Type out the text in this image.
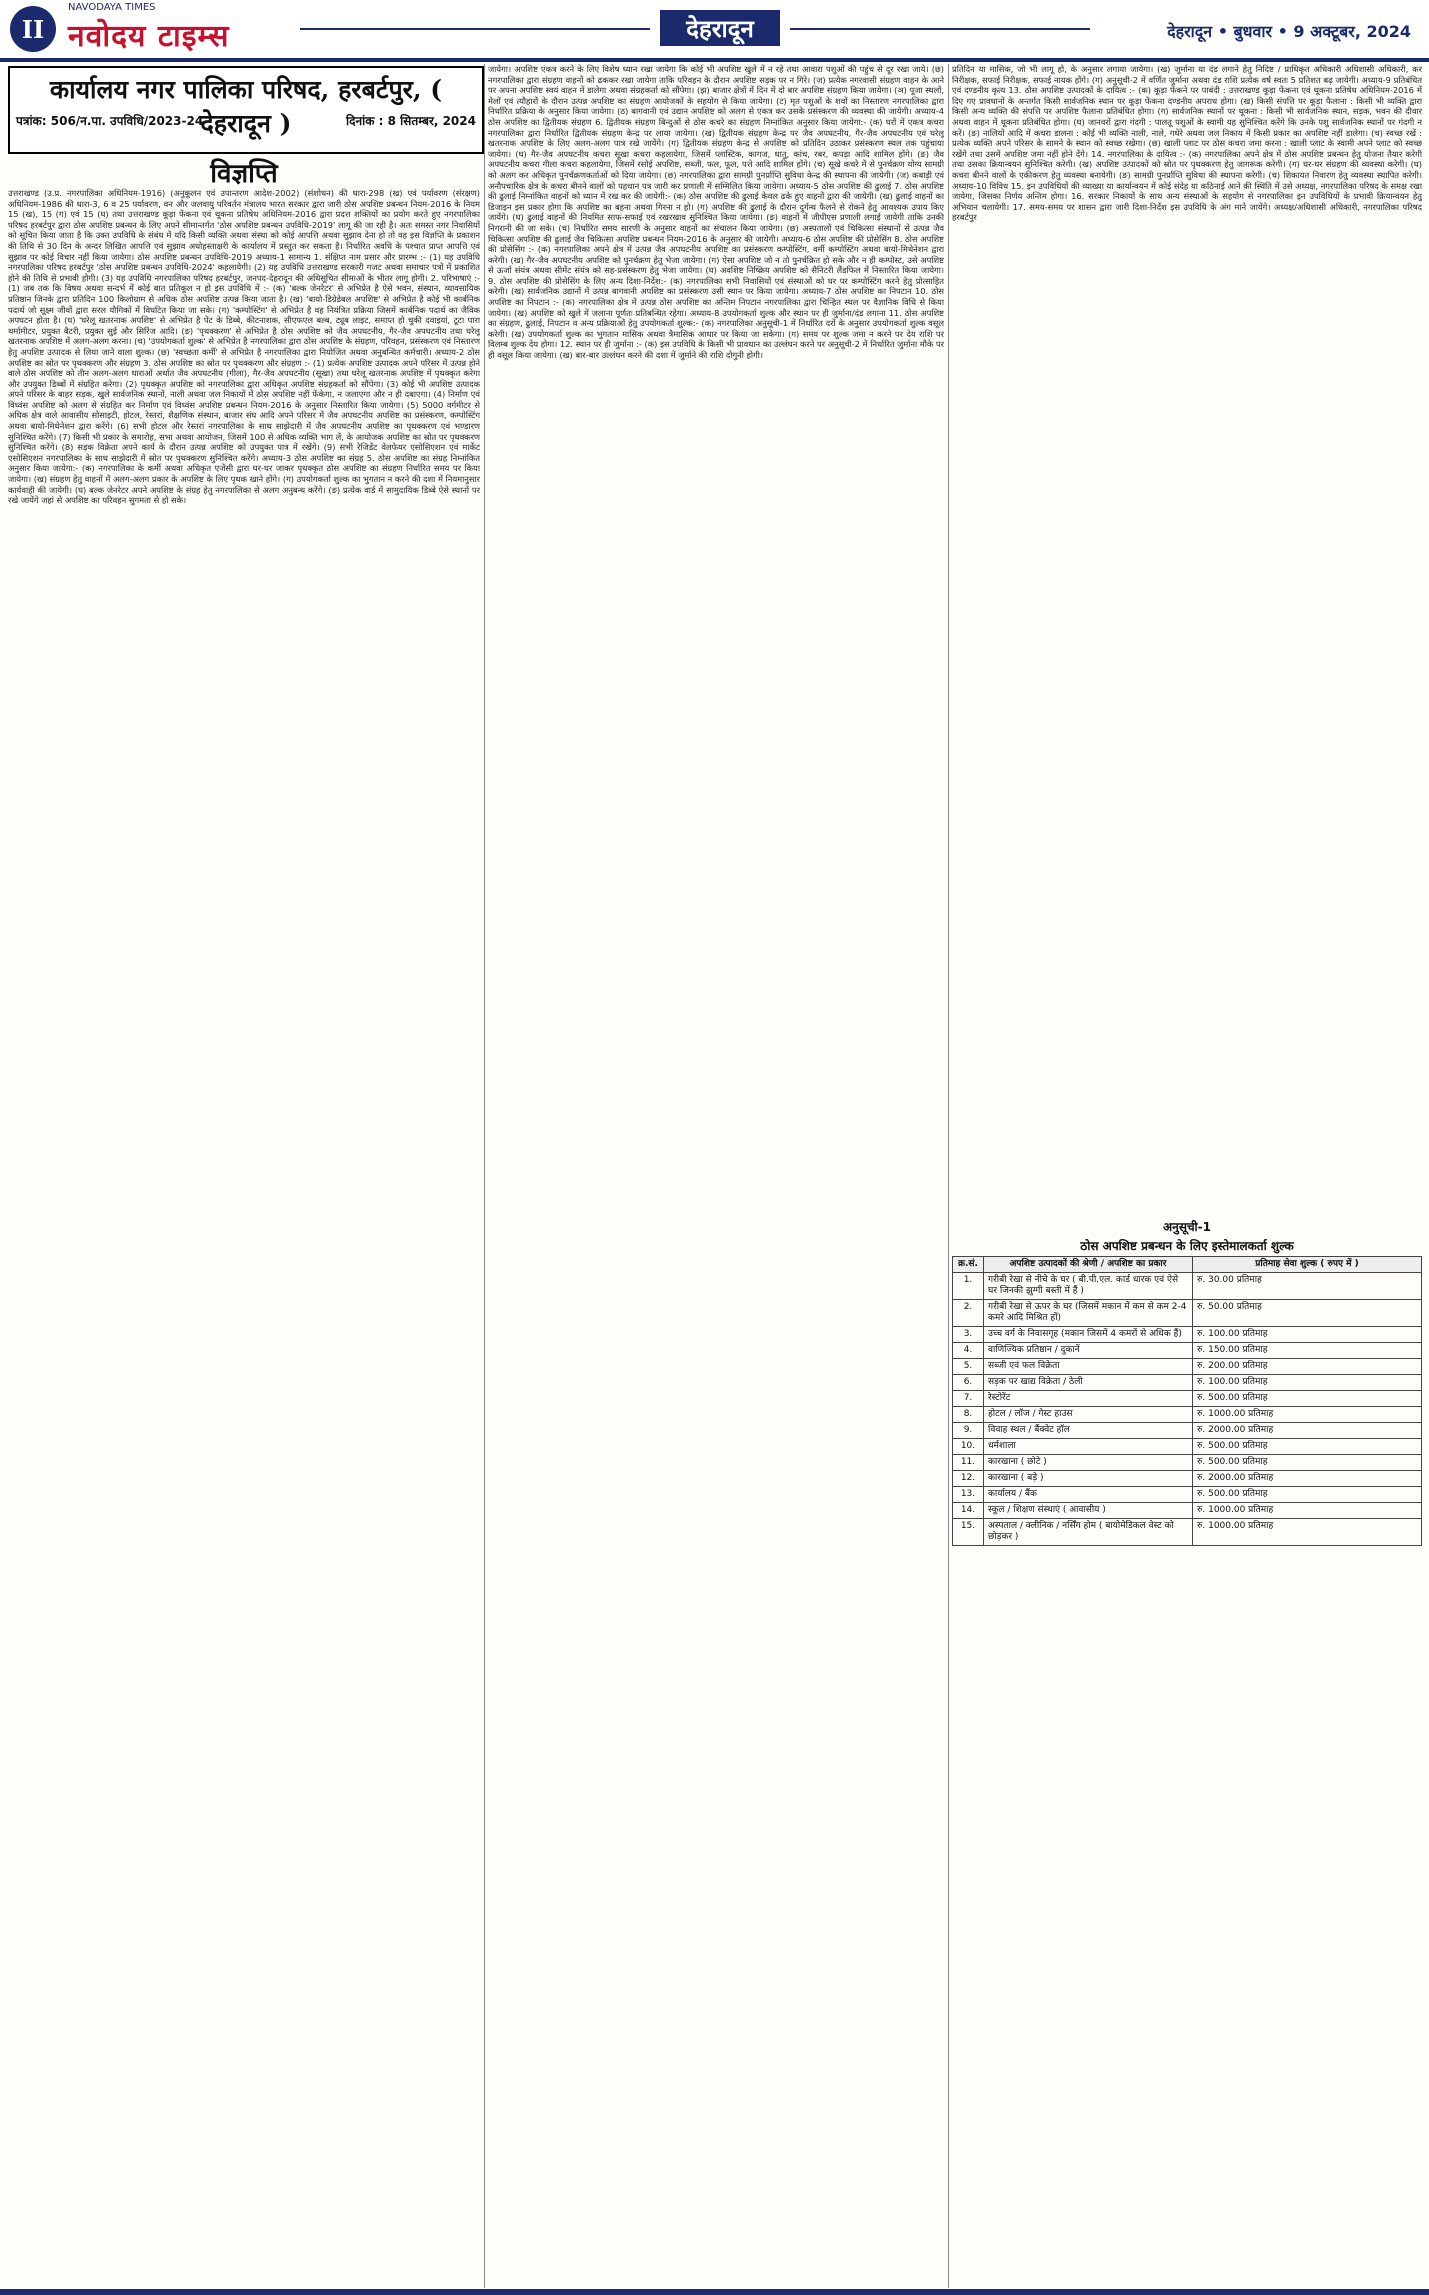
II
NAVODAYA TIMES
नवोदय टाइम्स	देहरादून	देहरादून • बुधवार • 9 अक्टूबर, 2024
कार्यालय नगर पालिका परिषद, हरबर्टपुर, ( देहरादून )
पत्रांक: 506/न.पा. उपविधि/2023-24	दिनांक : 8 सितम्बर, 2024
विज्ञप्ति
उत्तराखण्ड (उ.प्र. नगरपालिका अधिनियम-1916) (अनुकूलन एवं उपान्तरण आदेश-2002) (संशोधन) की धारा-298 (ख) एवं पर्यावरण (संरक्षण) अधिनियम-1986 की धारा-3, 6 व 25 पर्यावरण, वन और जलवायु परिवर्तन मंत्रालय भारत सरकार द्वारा जारी ठोस अपशिष्ट प्रबन्धन नियम-2016 के नियम 15 (ख), 15 (ग) एवं 15 (घ) तथा उत्तराखण्ड कूड़ा फेंकना एवं थूकना प्रतिषेध अधिनियम-2016 द्वारा प्रदत्त शक्तियों का प्रयोग करते हुए नगरपालिका परिषद हरबर्टपुर द्वारा ठोस अपशिष्ट प्रबन्धन के लिए अपने सीमान्तर्गत 'ठोस अपशिष्ट प्रबन्धन उपविधि-2019' लागू की जा रही है। अतः समस्त नगर निवासियों को सूचित किया जाता है कि उक्त उपविधि के संबंध में यदि किसी व्यक्ति अथवा संस्था को कोई आपत्ति अथवा सुझाव देना हो तो वह इस विज्ञप्ति के प्रकाशन की तिथि से 30 दिन के अन्दर लिखित आपत्ति एवं सुझाव अधोहस्ताक्षरी के कार्यालय में प्रस्तुत कर सकता है। निर्धारित अवधि के पश्चात प्राप्त आपत्ति एवं सुझाव पर कोई विचार नहीं किया जायेगा। ठोस अपशिष्ट प्रबन्धन उपविधि-2019 अध्याय-1 सामान्य 1. संक्षिप्त नाम प्रसार और प्रारम्भ :- (1) यह उपविधि नगरपालिका परिषद हरबर्टपुर 'ठोस अपशिष्ट प्रबन्धन उपविधि-2024' कहलायेगी। (2) यह उपविधि उत्तराखण्ड सरकारी गजट अथवा समाचार पत्रों में प्रकाशित होने की तिथि से प्रभावी होगी। (3) यह उपविधि नगरपालिका परिषद हरबर्टपुर, जनपद-देहरादून की अधिसूचित सीमाओं के भीतर लागू होगी। 2. परिभाषाएं :- (1) जब तक कि विषय अथवा सन्दर्भ में कोई बात प्रतिकूल न हो इस उपविधि में :- (क) 'बल्क जेनरेटर' से अभिप्रेत है ऐसे भवन, संस्थान, व्यावसायिक प्रतिष्ठान जिनके द्वारा प्रतिदिन 100 किलोग्राम से अधिक ठोस अपशिष्ट उत्पन्न किया जाता है। (ख) 'बायो-डिग्रेडेबल अपशिष्ट' से अभिप्रेत है कोई भी कार्बनिक पदार्थ जो सूक्ष्म जीवों द्वारा सरल यौगिकों में विघटित किया जा सके। (ग) 'कम्पोस्टिंग' से अभिप्रेत है वह नियंत्रित प्रक्रिया जिसमें कार्बनिक पदार्थ का जैविक अपघटन होता है। (घ) 'घरेलू खतरनाक अपशिष्ट' से अभिप्रेत है पेंट के डिब्बे, कीटनाशक, सीएफएल बल्ब, ट्यूब लाइट, समाप्त हो चुकी दवाइयां, टूटा पारा थर्मामीटर, प्रयुक्त बैटरी, प्रयुक्त सुई और सिरिंज आदि। (ङ) 'पृथक्करण' से अभिप्रेत है ठोस अपशिष्ट को जैव अपघटनीय, गैर-जैव अपघटनीय तथा घरेलू खतरनाक अपशिष्ट में अलग-अलग करना। (च) 'उपयोगकर्ता शुल्क' से अभिप्रेत है नगरपालिका द्वारा ठोस अपशिष्ट के संग्रहण, परिवहन, प्रसंस्करण एवं निस्तारण हेतु अपशिष्ट उत्पादक से लिया जाने वाला शुल्क। (छ) 'स्वच्छता कर्मी' से अभिप्रेत है नगरपालिका द्वारा नियोजित अथवा अनुबन्धित कर्मचारी। अध्याय-2 ठोस अपशिष्ट का स्रोत पर पृथक्करण और संग्रहण 3. ठोस अपशिष्ट का स्रोत पर पृथक्करण और संग्रहण :- (1) प्रत्येक अपशिष्ट उत्पादक अपने परिसर में उत्पन्न होने वाले ठोस अपशिष्ट को तीन अलग-अलग धाराओं अर्थात जैव अपघटनीय (गीला), गैर-जैव अपघटनीय (सूखा) तथा घरेलू खतरनाक अपशिष्ट में पृथक्कृत करेगा और उपयुक्त डिब्बों में संग्रहित करेगा। (2) पृथक्कृत अपशिष्ट को नगरपालिका द्वारा अधिकृत अपशिष्ट संग्रहकर्ता को सौंपेगा। (3) कोई भी अपशिष्ट उत्पादक अपने परिसर के बाहर सड़क, खुले सार्वजनिक स्थानों, नाली अथवा जल निकायों में ठोस अपशिष्ट नहीं फेंकेगा, न जलाएगा और न ही दबाएगा। (4) निर्माण एवं विध्वंस अपशिष्ट को अलग से संग्रहित कर निर्माण एवं विध्वंस अपशिष्ट प्रबन्धन नियम-2016 के अनुसार निस्तारित किया जायेगा। (5) 5000 वर्गमीटर से अधिक क्षेत्र वाले आवासीय सोसाइटी, होटल, रेस्तरां, शैक्षणिक संस्थान, बाजार संघ आदि अपने परिसर में जैव अपघटनीय अपशिष्ट का प्रसंस्करण, कम्पोस्टिंग अथवा बायो-मिथेनेशन द्वारा करेंगे। (6) सभी होटल और रेस्तरां नगरपालिका के साथ साझेदारी में जैव अपघटनीय अपशिष्ट का पृथक्करण एवं भण्डारण सुनिश्चित करेंगे। (7) किसी भी प्रकार के समारोह, सभा अथवा आयोजन, जिसमें 100 से अधिक व्यक्ति भाग लें, के आयोजक अपशिष्ट का स्रोत पर पृथक्करण सुनिश्चित करेंगे। (8) सड़क विक्रेता अपने कार्य के दौरान उत्पन्न अपशिष्ट को उपयुक्त पात्र में रखेंगे। (9) सभी रेजिडेंट वेलफेयर एसोसिएशन एवं मार्केट एसोसिएशन नगरपालिका के साथ साझेदारी में स्रोत पर पृथक्करण सुनिश्चित करेंगे। अध्याय-3 ठोस अपशिष्ट का संग्रह 5. ठोस अपशिष्ट का संग्रह निम्नांकित अनुसार किया जायेगा:- (क) नगरपालिका के कर्मी अथवा अधिकृत एजेंसी द्वारा घर-घर जाकर पृथक्कृत ठोस अपशिष्ट का संग्रहण निर्धारित समय पर किया जायेगा। (ख) संग्रहण हेतु वाहनों में अलग-अलग प्रकार के अपशिष्ट के लिए पृथक खाने होंगे। (ग) उपयोगकर्ता शुल्क का भुगतान न करने की दशा में नियमानुसार कार्यवाही की जायेगी। (घ) बल्क जेनरेटर अपने अपशिष्ट के संग्रह हेतु नगरपालिका से अलग अनुबन्ध करेंगे। (ङ) प्रत्येक वार्ड में सामुदायिक डिब्बे ऐसे स्थानों पर रखे जायेंगे जहां से अपशिष्ट का परिवहन सुगमता से हो सके।
जायेगा। अपशिष्ट एकत्र करने के लिए विशेष ध्यान रखा जायेगा कि कोई भी अपशिष्ट खुले में न रहे तथा आवारा पशुओं की पहुंच से दूर रखा जाये। (छ) नगरपालिका द्वारा संग्रहण वाहनों को ढककर रखा जायेगा ताकि परिवहन के दौरान अपशिष्ट सड़क पर न गिरे। (ज) प्रत्येक नगरवासी संग्रहण वाहन के आने पर अपना अपशिष्ट स्वयं वाहन में डालेगा अथवा संग्रहकर्ता को सौंपेगा। (झ) बाजार क्षेत्रों में दिन में दो बार अपशिष्ट संग्रहण किया जायेगा। (ञ) पूजा स्थलों, मेलों एवं त्यौहारों के दौरान उत्पन्न अपशिष्ट का संग्रहण आयोजकों के सहयोग से किया जायेगा। (ट) मृत पशुओं के शवों का निस्तारण नगरपालिका द्वारा निर्धारित प्रक्रिया के अनुसार किया जायेगा। (ठ) बागवानी एवं उद्यान अपशिष्ट को अलग से एकत्र कर उसके प्रसंस्करण की व्यवस्था की जायेगी। अध्याय-4 ठोस अपशिष्ट का द्वितीयक संग्रहण 6. द्वितीयक संग्रहण बिन्दुओं से ठोस कचरे का संग्रहण निम्नांकित अनुसार किया जायेगा:- (क) घरों में एकत्र कचरा नगरपालिका द्वारा निर्धारित द्वितीयक संग्रहण केन्द्र पर लाया जायेगा। (ख) द्वितीयक संग्रहण केन्द्र पर जैव अपघटनीय, गैर-जैव अपघटनीय एवं घरेलू खतरनाक अपशिष्ट के लिए अलग-अलग पात्र रखे जायेंगे। (ग) द्वितीयक संग्रहण केन्द्र से अपशिष्ट को प्रतिदिन उठाकर प्रसंस्करण स्थल तक पहुंचाया जायेगा। (घ) गैर-जैव अपघटनीय कचरा सूखा कचरा कहलायेगा, जिसमें प्लास्टिक, कागज, धातु, कांच, रबर, कपड़ा आदि शामिल होंगे। (ङ) जैव अपघटनीय कचरा गीला कचरा कहलायेगा, जिसमें रसोई अपशिष्ट, सब्जी, फल, फूल, पत्ते आदि शामिल होंगे। (च) सूखे कचरे में से पुनर्चक्रण योग्य सामग्री को अलग कर अधिकृत पुनर्चक्रणकर्ताओं को दिया जायेगा। (छ) नगरपालिका द्वारा सामग्री पुनर्प्राप्ति सुविधा केन्द्र की स्थापना की जायेगी। (ज) कबाड़ी एवं अनौपचारिक क्षेत्र के कचरा बीनने वालों को पहचान पत्र जारी कर प्रणाली में सम्मिलित किया जायेगा। अध्याय-5 ठोस अपशिष्ट की ढुलाई 7. ठोस अपशिष्ट की ढुलाई निम्नांकित वाहनों को ध्यान में रख कर की जायेगी:- (क) ठोस अपशिष्ट की ढुलाई केवल ढके हुए वाहनों द्वारा की जायेगी। (ख) ढुलाई वाहनों का डिजाइन इस प्रकार होगा कि अपशिष्ट का बहना अथवा गिरना न हो। (ग) अपशिष्ट की ढुलाई के दौरान दुर्गन्ध फैलने से रोकने हेतु आवश्यक उपाय किए जायेंगे। (घ) ढुलाई वाहनों की नियमित साफ-सफाई एवं रखरखाव सुनिश्चित किया जायेगा। (ङ) वाहनों में जीपीएस प्रणाली लगाई जायेगी ताकि उनकी निगरानी की जा सके। (च) निर्धारित समय सारणी के अनुसार वाहनों का संचालन किया जायेगा। (छ) अस्पतालों एवं चिकित्सा संस्थानों से उत्पन्न जैव चिकित्सा अपशिष्ट की ढुलाई जैव चिकित्सा अपशिष्ट प्रबन्धन नियम-2016 के अनुसार की जायेगी। अध्याय-6 ठोस अपशिष्ट की प्रोसेसिंग 8. ठोस अपशिष्ट की प्रोसेसिंग :- (क) नगरपालिका अपने क्षेत्र में उत्पन्न जैव अपघटनीय अपशिष्ट का प्रसंस्करण कम्पोस्टिंग, वर्मी कम्पोस्टिंग अथवा बायो-मिथेनेशन द्वारा करेगी। (ख) गैर-जैव अपघटनीय अपशिष्ट को पुनर्चक्रण हेतु भेजा जायेगा। (ग) ऐसा अपशिष्ट जो न तो पुनर्चक्रित हो सके और न ही कम्पोस्ट, उसे अपशिष्ट से ऊर्जा संयंत्र अथवा सीमेंट संयंत्र को सह-प्रसंस्करण हेतु भेजा जायेगा। (घ) अवशिष्ट निष्क्रिय अपशिष्ट को सैनिटरी लैंडफिल में निस्तारित किया जायेगा। 9. ठोस अपशिष्ट की प्रोसेसिंग के लिए अन्य दिशा-निर्देश:- (क) नगरपालिका सभी निवासियों एवं संस्थाओं को घर पर कम्पोस्टिंग करने हेतु प्रोत्साहित करेगी। (ख) सार्वजनिक उद्यानों में उत्पन्न बागवानी अपशिष्ट का प्रसंस्करण उसी स्थान पर किया जायेगा। अध्याय-7 ठोस अपशिष्ट का निपटान 10. ठोस अपशिष्ट का निपटान :- (क) नगरपालिका क्षेत्र में उत्पन्न ठोस अपशिष्ट का अन्तिम निपटान नगरपालिका द्वारा चिन्हित स्थल पर वैज्ञानिक विधि से किया जायेगा। (ख) अपशिष्ट को खुले में जलाना पूर्णतः प्रतिबन्धित रहेगा। अध्याय-8 उपयोगकर्ता शुल्क और स्थान पर ही जुर्माना/दंड लगाना 11. ठोस अपशिष्ट का संग्रहण, ढुलाई, निपटान व अन्य प्रक्रियाओं हेतु उपयोगकर्ता शुल्क:- (क) नगरपालिका अनुसूची-1 में निर्धारित दरों के अनुसार उपयोगकर्ता शुल्क वसूल करेगी। (ख) उपयोगकर्ता शुल्क का भुगतान मासिक अथवा त्रैमासिक आधार पर किया जा सकेगा। (ग) समय पर शुल्क जमा न करने पर देय राशि पर विलम्ब शुल्क देय होगा। 12. स्थान पर ही जुर्माना :- (क) इस उपविधि के किसी भी प्रावधान का उल्लंघन करने पर अनुसूची-2 में निर्धारित जुर्माना मौके पर ही वसूल किया जायेगा। (ख) बार-बार उल्लंघन करने की दशा में जुर्माने की राशि दोगुनी होगी।
प्रतिदिन या मासिक, जो भी लागू हो, के अनुसार लगाया जायेगा। (ख) जुर्माना या दंड लगाने हेतु निदिष्ट / प्राधिकृत अधिकारी अधिशासी अधिकारी, कर निरीक्षक, सफाई निरीक्षक, सफाई नायक होंगे। (ग) अनुसूची-2 में वर्णित जुर्माना अथवा दंड राशि प्रत्येक वर्ष स्वतः 5 प्रतिशत बढ़ जायेगी। अध्याय-9 प्रतिबंधित एवं दण्डनीय कृत्य 13. ठोस अपशिष्ट उत्पादकों के दायित्व :- (क) कूड़ा फेंकने पर पाबंदी : उत्तराखण्ड कूड़ा फेंकना एवं थूकना प्रतिषेध अधिनियम-2016 में दिए गए प्रावधानों के अन्तर्गत किसी सार्वजनिक स्थान पर कूड़ा फेंकना दण्डनीय अपराध होगा। (ख) किसी संपत्ति पर कूड़ा फैलाना : किसी भी व्यक्ति द्वारा किसी अन्य व्यक्ति की संपत्ति पर अपशिष्ट फैलाना प्रतिबंधित होगा। (ग) सार्वजनिक स्थानों पर थूकना : किसी भी सार्वजनिक स्थान, सड़क, भवन की दीवार अथवा वाहन में थूकना प्रतिबंधित होगा। (घ) जानवरों द्वारा गंदगी : पालतू पशुओं के स्वामी यह सुनिश्चित करेंगे कि उनके पशु सार्वजनिक स्थानों पर गंदगी न करें। (ङ) नालियों आदि में कचरा डालना : कोई भी व्यक्ति नाली, नाले, गधेरे अथवा जल निकाय में किसी प्रकार का अपशिष्ट नहीं डालेगा। (च) स्वच्छ रखें : प्रत्येक व्यक्ति अपने परिसर के सामने के स्थान को स्वच्छ रखेगा। (छ) खाली प्लाट पर ठोस कचरा जमा करना : खाली प्लाट के स्वामी अपने प्लाट को स्वच्छ रखेंगे तथा उसमें अपशिष्ट जमा नहीं होने देंगे। 14. नगरपालिका के दायित्व :- (क) नगरपालिका अपने क्षेत्र में ठोस अपशिष्ट प्रबन्धन हेतु योजना तैयार करेगी तथा उसका क्रियान्वयन सुनिश्चित करेगी। (ख) अपशिष्ट उत्पादकों को स्रोत पर पृथक्करण हेतु जागरूक करेगी। (ग) घर-घर संग्रहण की व्यवस्था करेगी। (घ) कचरा बीनने वालों के एकीकरण हेतु व्यवस्था बनायेगी। (ङ) सामग्री पुनर्प्राप्ति सुविधा की स्थापना करेगी। (च) शिकायत निवारण हेतु व्यवस्था स्थापित करेगी। अध्याय-10 विविध 15. इन उपविधियों की व्याख्या या कार्यान्वयन में कोई संदेह या कठिनाई आने की स्थिति में उसे अध्यक्ष, नगरपालिका परिषद के समक्ष रखा जायेगा, जिसका निर्णय अन्तिम होगा। 16. सरकार निकायों के साथ अन्य संस्थाओं के सहयोग से नगरपालिका इन उपविधियों के प्रभावी क्रियान्वयन हेतु अभियान चलायेगी। 17. समय-समय पर शासन द्वारा जारी दिशा-निर्देश इस उपविधि के अंग माने जायेंगे। अध्यक्ष/अधिशासी अधिकारी, नगरपालिका परिषद हरबर्टपुर
अनुसूची-1
ठोस अपशिष्ट प्रबन्धन के लिए इस्तेमालकर्ता शुल्क
क्र.सं.	अपशिष्ट उत्पादकों की श्रेणी / अपशिष्ट का प्रकार	प्रतिमाह सेवा शुल्क ( रुपए में )
1.	गरीबी रेखा से नीचे के घर ( बी.पी.एल. कार्ड धारक एवं ऐसे घर जिनकी झुग्गी बस्ती में हैं )	रु. 30.00 प्रतिमाह
2.	गरीबी रेखा से ऊपर के घर (जिसमें मकान में कम से कम 2-4 कमरे आदि मिश्रित हों)	रु. 50.00 प्रतिमाह
3.	उच्च वर्ग के निवासगृह (मकान जिसमें 4 कमरों से अधिक हैं)	रु. 100.00 प्रतिमाह
4.	वाणिज्यिक प्रतिष्ठान / दुकानें	रु. 150.00 प्रतिमाह
5.	सब्जी एवं फल विक्रेता	रु. 200.00 प्रतिमाह
6.	सड़क पर खाद्य विक्रेता / ठेली	रु. 100.00 प्रतिमाह
7.	रेस्टोरेंट	रु. 500.00 प्रतिमाह
8.	होटल / लॉज / गेस्ट हाउस	रु. 1000.00 प्रतिमाह
9.	विवाह स्थल / बैंक्वेट हॉल	रु. 2000.00 प्रतिमाह
10.	धर्मशाला	रु. 500.00 प्रतिमाह
11.	कारखाना ( छोटे )	रु. 500.00 प्रतिमाह
12.	कारखाना ( बड़े )	रु. 2000.00 प्रतिमाह
13.	कार्यालय / बैंक	रु. 500.00 प्रतिमाह
14.	स्कूल / शिक्षण संस्थाएं ( आवासीय )	रु. 1000.00 प्रतिमाह
15.	अस्पताल / क्लीनिक / नर्सिंग होम ( बायोमेडिकल वेस्ट को छोड़कर )	रु. 1000.00 प्रतिमाह
